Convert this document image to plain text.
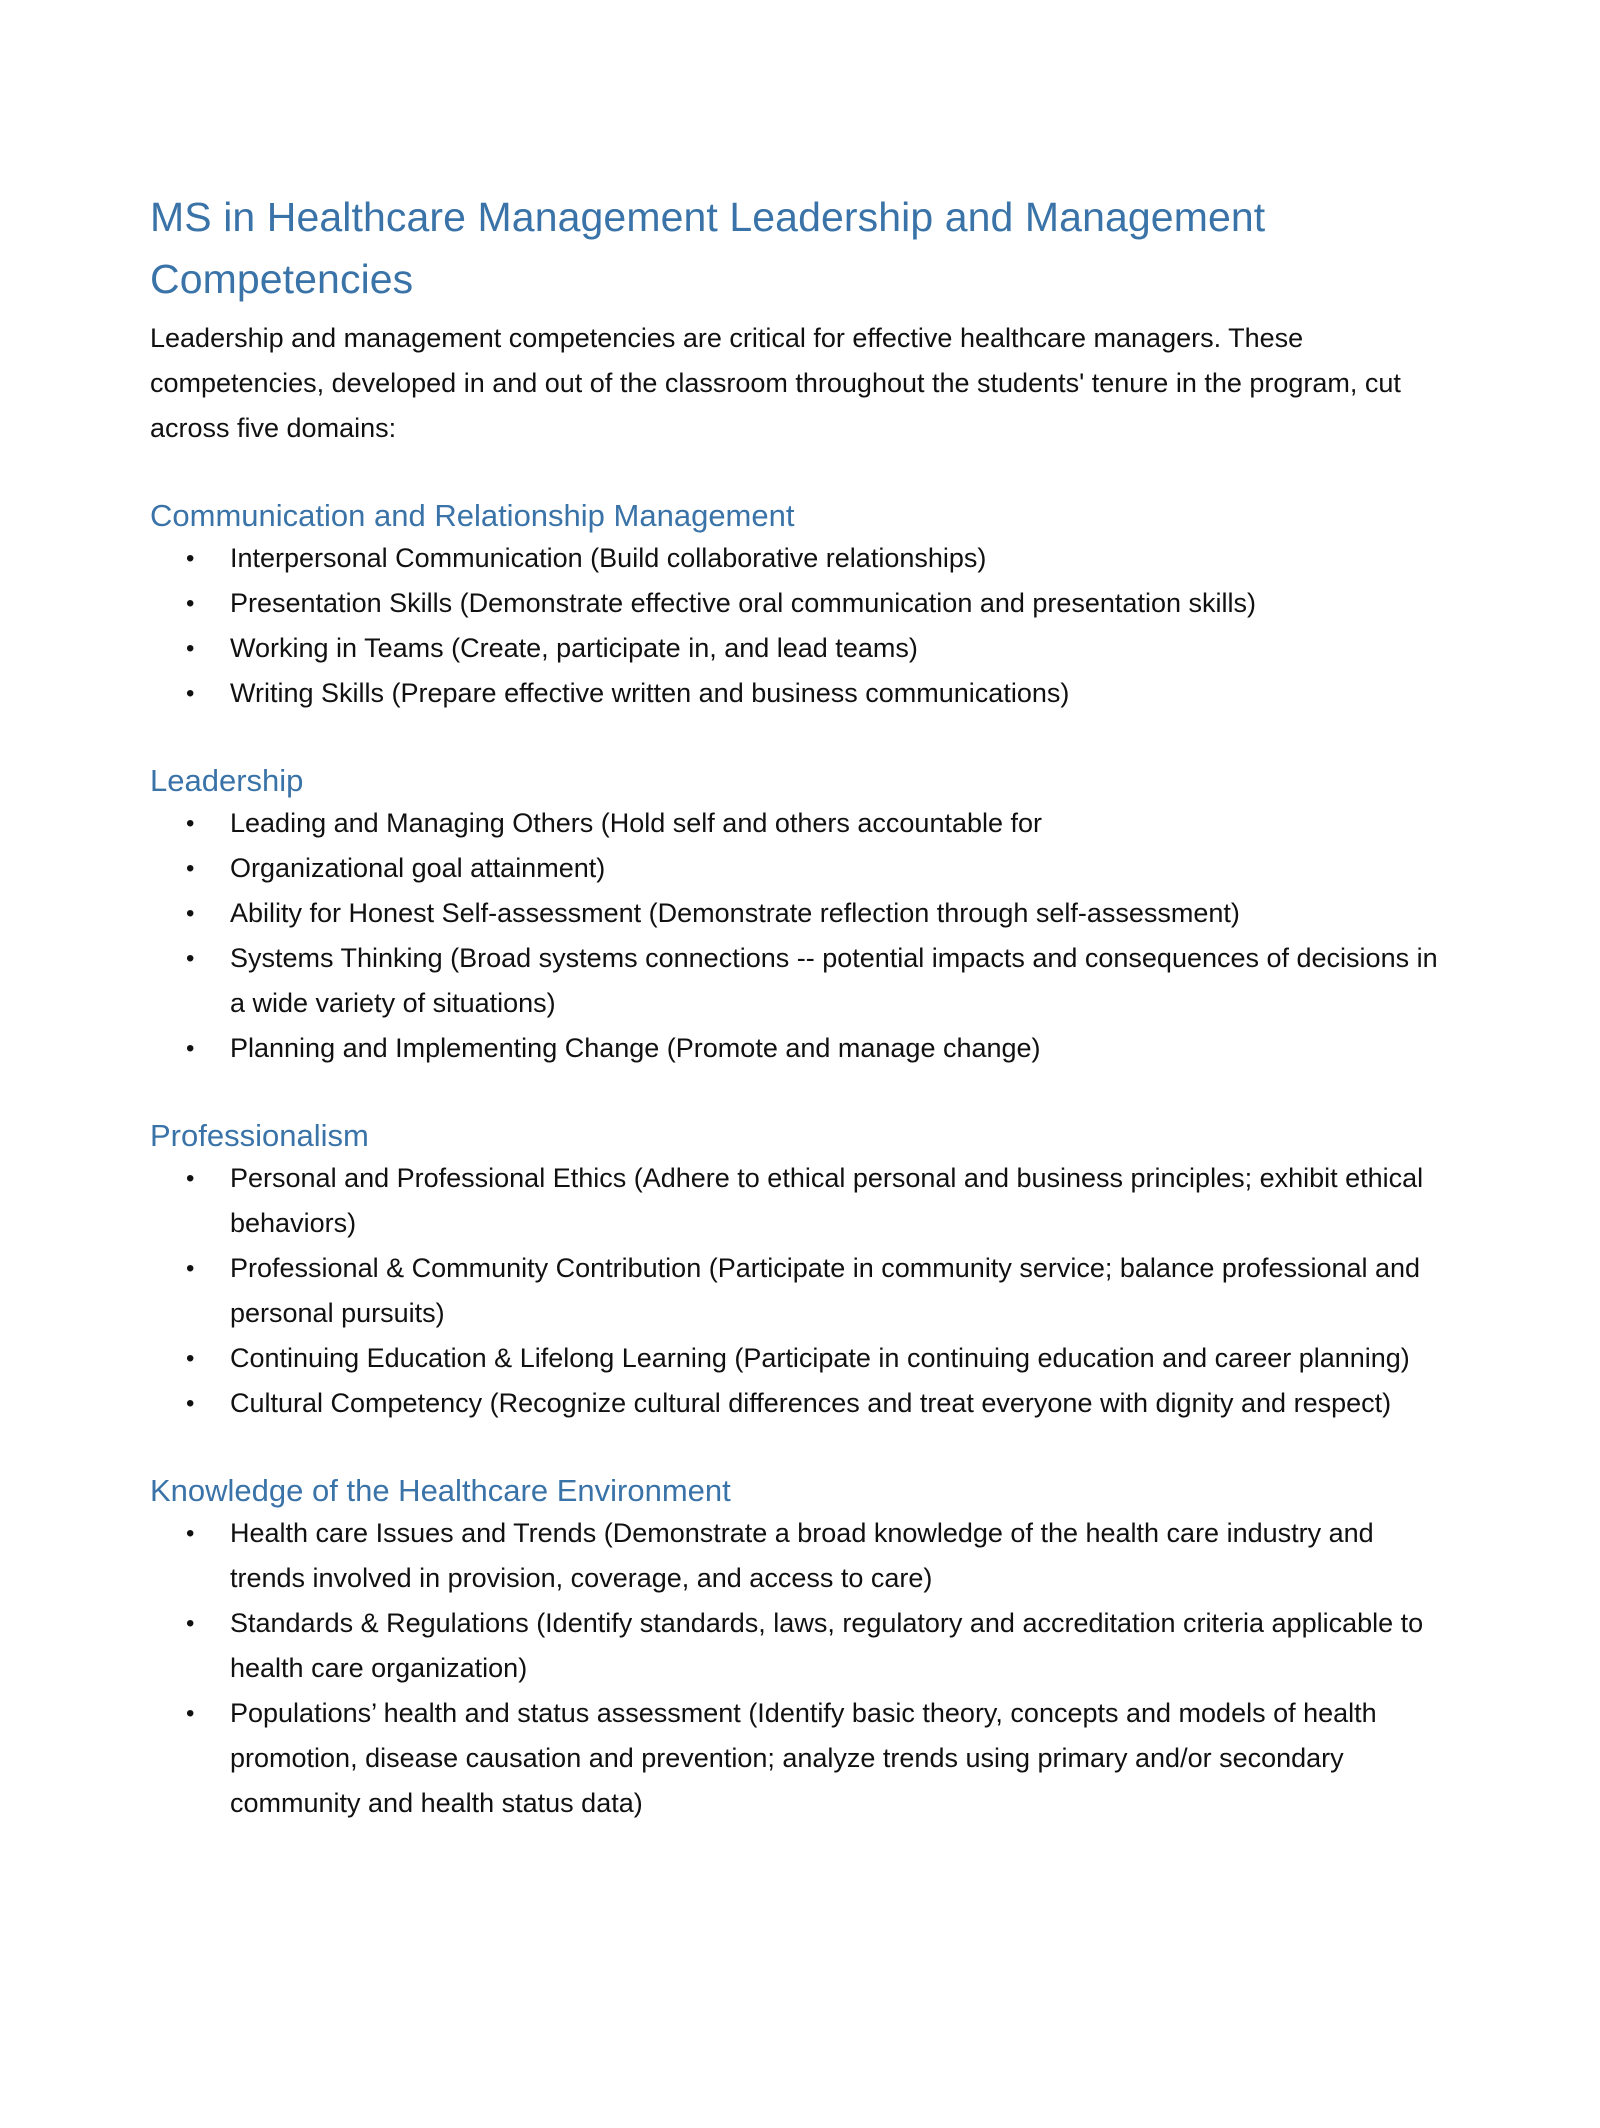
MS in Healthcare Management Leadership and Management Competencies

Leadership and management competencies are critical for effective healthcare managers. These competencies, developed in and out of the classroom throughout the students' tenure in the program, cut across five domains:

Communication and Relationship Management
• Interpersonal Communication (Build collaborative relationships)
• Presentation Skills (Demonstrate effective oral communication and presentation skills)
• Working in Teams (Create, participate in, and lead teams)
• Writing Skills (Prepare effective written and business communications)
Leadership
• Leading and Managing Others (Hold self and others accountable for
• Organizational goal attainment)
• Ability for Honest Self-assessment (Demonstrate reflection through self-assessment)
• Systems Thinking (Broad systems connections -- potential impacts and consequences of decisions in a wide variety of situations)
• Planning and Implementing Change (Promote and manage change)
Professionalism
• Personal and Professional Ethics (Adhere to ethical personal and business principles; exhibit ethical behaviors)
• Professional & Community Contribution (Participate in community service; balance professional and personal pursuits)
• Continuing Education & Lifelong Learning (Participate in continuing education and career planning)
• Cultural Competency (Recognize cultural differences and treat everyone with dignity and respect)
Knowledge of the Healthcare Environment
• Health care Issues and Trends (Demonstrate a broad knowledge of the health care industry and trends involved in provision, coverage, and access to care)
• Standards & Regulations (Identify standards, laws, regulatory and accreditation criteria applicable to health care organization)
• Populations’ health and status assessment (Identify basic theory, concepts and models of health promotion, disease causation and prevention; analyze trends using primary and/or secondary community and health status data)
